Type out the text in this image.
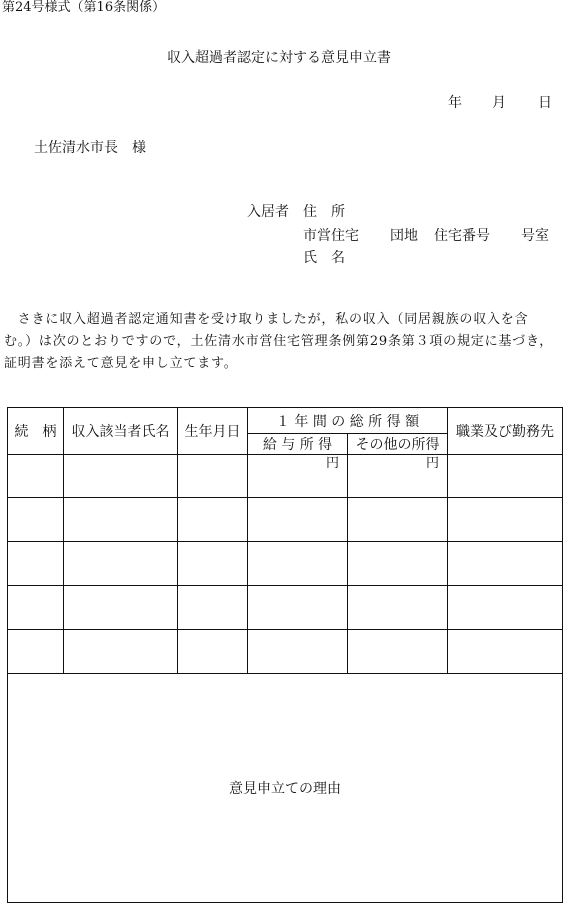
第24号様式（第16条関係）
収入超過者認定に対する意見申立書
年 月 日
土佐清水市長　様
入居者 住　所
市営住宅 団地 住宅番号 号室
氏　名
　さきに収入超過者認定通知書を受け取りましたが，私の収入（同居親族の収入を含
む。）は次のとおりですので，土佐清水市営住宅管理条例第29条第３項の規定に基づき，
証明書を添えて意見を申し立てます。
続　柄	収入該当者氏名	生年月日	１ 年 間 の 総 所 得 額		職業及び勤務先
			給 与 所 得	その他の所得	

			円	円	

意見申立ての理由					
